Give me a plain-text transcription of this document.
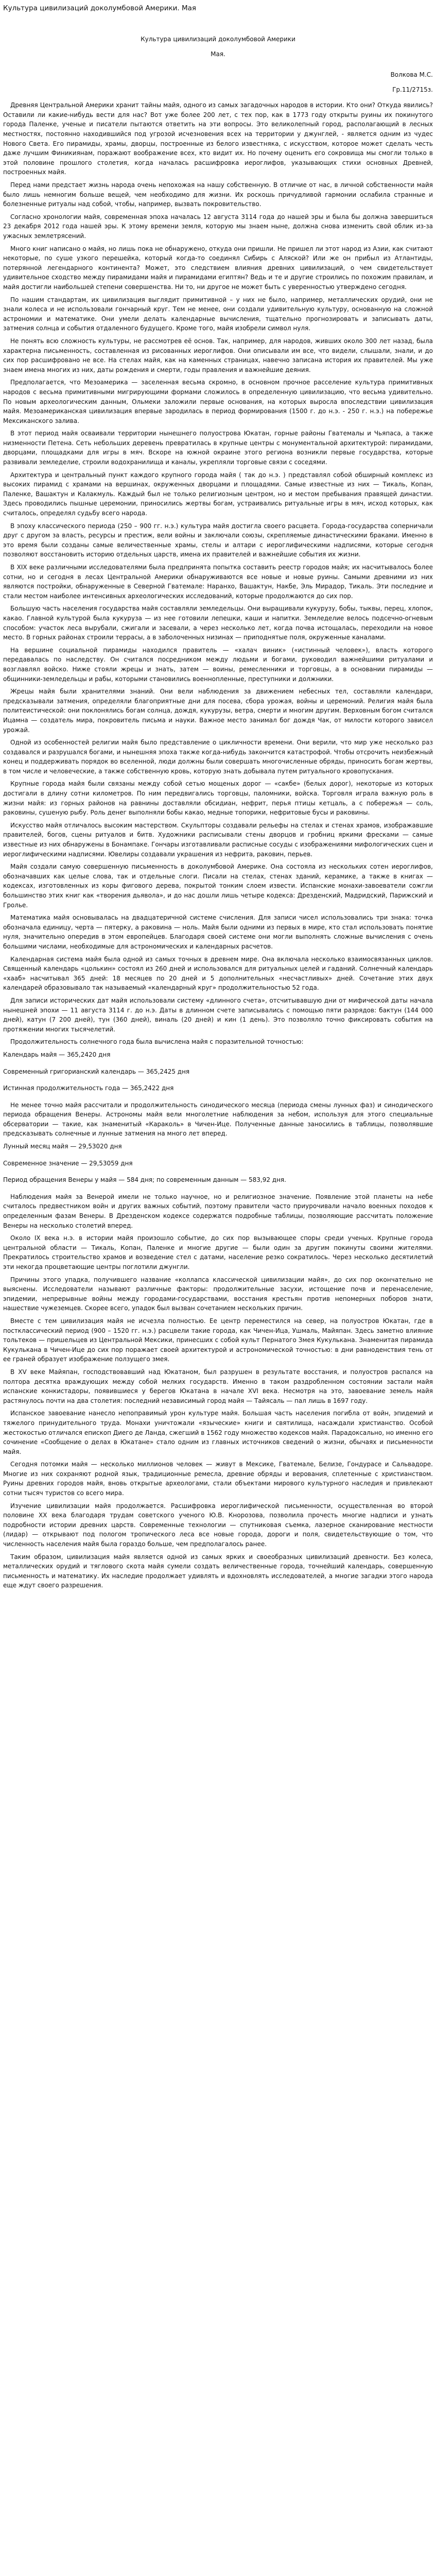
Культура цивилизаций доколумбовой Америки. Мая
Культура цивилизаций доколумбовой Америки
Мая.
Волкова М.С.
Гр.11/2715з.

Древняя Центральной Америки хранит тайны майя, одного из самых загадочных народов в истории. Кто они? Откуда явились? Оставили ли какие-нибудь вести для нас? Вот уже более 200 лет, с тех пор, как в 1773 году открыты руины их покинутого города Паленке, ученые и писатели пытаются ответить на эти вопросы. Это великолепный город, располагающий в лесных местностях, постоянно находившийся под угрозой исчезновения всех на территории у джунглей, - является одним из чудес Нового Света. Его пирамиды, храмы, дворцы, построенные из белого известняка, с искусством, которое может сделать честь даже лучшим Финикиянам, поражают воображение всех, кто видит их. Но почему оценить его сокровища мы смогли только в этой половине прошлого столетия, когда началась расшифровка иероглифов, указывающих стихи основных Древней, построенных майя.

Перед нами предстает жизнь народа очень непохожая на нашу собственную. В отличие от нас, в личной собственности майя было лишь немногим больше вещей, чем необходимо для жизни. Их роскошь причудливой гармонии ослабила странные и болезненные ритуалы над собой, чтобы, например, вызвать покровительство.

Согласно хронологии майя, современная эпоха началась 12 августа 3114 года до нашей эры и была бы должна завершиться 23 декабря 2012 года нашей эры. К этому времени земля, которую мы знаем ныне, должна снова изменить свой облик из-за ужасных землетрясений.

Много книг написано о майя, но лишь пока не обнаружено, откуда они пришли. Не пришел ли этот народ из Азии, как считают некоторые, по суше узкого перешейка, который когда-то соединял Сибирь с Аляской? Или же он прибыл из Атлантиды, потерянной легендарного континента? Может, это следствием влияния древних цивилизаций, о чем свидетельствует удивительное сходство между пирамидами майя и пирамидами египтян? Ведь и те и другие строились по похожим правилам, и майя достигли наибольшей степени совершенства. Ни то, ни другое не может быть с уверенностью утверждено сегодня.

По нашим стандартам, их цивилизация выглядит примитивной – у них не было, например, металлических орудий, они не знали колеса и не использовали гончарный круг. Тем не менее, они создали удивительную культуру, основанную на сложной астрономии и математике. Они умели делать календарные вычисления, тщательно прогнозировать и записывать даты, затмения солнца и события отдаленного будущего. Кроме того, майя изобрели символ нуля.

Не понять всю сложность культуры, не рассмотрев её основ. Так, например, для народов, живших около 300 лет назад, была характерна письменность, составленная из рисованных иероглифов. Они описывали им все, что видели, слышали, знали, и до сих пор расшифровано не все. На стелах майя, как на каменных страницах, навечно записана история их правителей. Мы уже знаем имена многих из них, даты рождения и смерти, годы правления и важнейшие деяния.

Предполагается, что Мезоамерика — заселенная весьма скромно, в основном прочное расселение культура примитивных народов с весьма примитивными мигрирующими формами сложилось в определенную цивилизацию, что весьма удивительно. По новым археологическим данным, Ольмеки заложили первые основания, на которых выросла впоследствии цивилизация майя. Мезоамериканская цивилизация впервые зародилась в период формирования (1500 г. до н.э. - 250 г. н.э.) на побережье Мексиканского залива.

В этот период майя осваивали территории нынешнего полуострова Юкатан, горные районы Гватемалы и Чьяпаса, а также низменности Петена. Сеть небольших деревень превратилась в крупные центры с монументальной архитектурой: пирамидами, дворцами, площадками для игры в мяч. Вскоре на южной окраине этого региона возникли первые государства, которые развивали земледелие, строили водохранилища и каналы, укрепляли торговые связи с соседями.

Архитектура и центральный пункт каждого крупного города майя ( так до н.э. ) представлял собой обширный комплекс из высоких пирамид с храмами на вершинах, окруженных дворцами и площадями. Самые известные из них — Тикаль, Копан, Паленке, Вашактун и Калакмуль. Каждый был не только религиозным центром, но и местом пребывания правящей династии. Здесь проводились пышные церемонии, приносились жертвы богам, устраивались ритуальные игры в мяч, исход которых, как считалось, определял судьбу всего народа.

В эпоху классического периода (250 – 900 гг. н.э.) культура майя достигла своего расцвета. Города-государства соперничали друг с другом за власть, ресурсы и престиж, вели войны и заключали союзы, скрепляемые династическими браками. Именно в это время были созданы самые величественные храмы, стелы и алтари с иероглифическими надписями, которые сегодня позволяют восстановить историю отдельных царств, имена их правителей и важнейшие события их жизни.

В XIX веке различными исследователями была предпринята попытка составить реестр городов майя; их насчитывалось более сотни, но и сегодня в лесах Центральной Америки обнаруживаются все новые и новые руины. Самыми древними из них являются постройки, обнаруженные в Северной Гватемале: Наранхо, Вашактун, Накбе, Эль Мирадор, Тикаль. Эти последние и стали местом наиболее интенсивных археологических исследований, которые продолжаются до сих пор.

Большую часть населения государства майя составляли земледельцы. Они выращивали кукурузу, бобы, тыквы, перец, хлопок, какао. Главной культурой была кукуруза — из нее готовили лепешки, каши и напитки. Земледелие велось подсечно-огневым способом: участок леса вырубали, сжигали и засевали, а через несколько лет, когда почва истощалась, переходили на новое место. В горных районах строили террасы, а в заболоченных низинах — приподнятые поля, окруженные каналами.

На вершине социальной пирамиды находился правитель — «халач виник» («истинный человек»), власть которого передавалась по наследству. Он считался посредником между людьми и богами, руководил важнейшими ритуалами и возглавлял войско. Ниже стояли жрецы и знать, затем — воины, ремесленники и торговцы, а в основании пирамиды — общинники-земледельцы и рабы, которыми становились военнопленные, преступники и должники.

Жрецы майя были хранителями знаний. Они вели наблюдения за движением небесных тел, составляли календари, предсказывали затмения, определяли благоприятные дни для посева, сбора урожая, войны и церемоний. Религия майя была политеистической: они поклонялись богам солнца, дождя, кукурузы, ветра, смерти и многим другим. Верховным богом считался Ицамна — создатель мира, покровитель письма и науки. Важное место занимал бог дождя Чак, от милости которого зависел урожай.

Одной из особенностей религии майя было представление о цикличности времени. Они верили, что мир уже несколько раз создавался и разрушался богами, и нынешняя эпоха также когда-нибудь закончится катастрофой. Чтобы отсрочить неизбежный конец и поддерживать порядок во вселенной, люди должны были совершать многочисленные обряды, приносить богам жертвы, в том числе и человеческие, а также собственную кровь, которую знать добывала путем ритуального кровопускания.

Крупные города майя были связаны между собой сетью мощеных дорог — «сакбе» (белых дорог), некоторые из которых достигали в длину сотни километров. По ним передвигались торговцы, паломники, войска. Торговля играла важную роль в жизни майя: из горных районов на равнины доставляли обсидиан, нефрит, перья птицы кетцаль, а с побережья — соль, раковины, сушеную рыбу. Роль денег выполняли бобы какао, медные топорики, нефритовые бусы и раковины.

Искусство майя отличалось высоким мастерством. Скульпторы создавали рельефы на стелах и стенах храмов, изображавшие правителей, богов, сцены ритуалов и битв. Художники расписывали стены дворцов и гробниц яркими фресками — самые известные из них обнаружены в Бонампаке. Гончары изготавливали расписные сосуды с изображениями мифологических сцен и иероглифическими надписями. Ювелиры создавали украшения из нефрита, раковин, перьев.

Майя создали самую совершенную письменность в доколумбовой Америке. Она состояла из нескольких сотен иероглифов, обозначавших как целые слова, так и отдельные слоги. Писали на стелах, стенах зданий, керамике, а также в книгах — кодексах, изготовленных из коры фигового дерева, покрытой тонким слоем извести. Испанские монахи-завоеватели сожгли большинство этих книг как «творения дьявола», и до нас дошли лишь четыре кодекса: Дрезденский, Мадридский, Парижский и Гролье.

Математика майя основывалась на двадцатеричной системе счисления. Для записи чисел использовались три знака: точка обозначала единицу, черта — пятерку, а раковина — ноль. Майя были одними из первых в мире, кто стал использовать понятие нуля, значительно опередив в этом европейцев. Благодаря своей системе они могли выполнять сложные вычисления с очень большими числами, необходимые для астрономических и календарных расчетов.

Календарная система майя была одной из самых точных в древнем мире. Она включала несколько взаимосвязанных циклов. Священный календарь «цолькин» состоял из 260 дней и использовался для ритуальных целей и гаданий. Солнечный календарь «хааб» насчитывал 365 дней: 18 месяцев по 20 дней и 5 дополнительных «несчастливых» дней. Сочетание этих двух календарей образовывало так называемый «календарный круг» продолжительностью 52 года.

Для записи исторических дат майя использовали систему «длинного счета», отсчитывавшую дни от мифической даты начала нынешней эпохи — 11 августа 3114 г. до н.э. Даты в длинном счете записывались с помощью пяти разрядов: бактун (144 000 дней), катун (7 200 дней), тун (360 дней), виналь (20 дней) и кин (1 день). Это позволяло точно фиксировать события на протяжении многих тысячелетий.

Продолжительность солнечного года была вычислена майя с поразительной точностью:

Календарь майя — 365,2420 дня

Современный григорианский календарь — 365,2425 дня

Истинная продолжительность года — 365,2422 дня

Не менее точно майя рассчитали и продолжительность синодического месяца (периода смены лунных фаз) и синодического периода обращения Венеры. Астрономы майя вели многолетние наблюдения за небом, используя для этого специальные обсерватории — такие, как знаменитый «Караколь» в Чичен-Ице. Полученные данные заносились в таблицы, позволявшие предсказывать солнечные и лунные затмения на много лет вперед.

Лунный месяц майя — 29,53020 дня

Современное значение — 29,53059 дня

Период обращения Венеры у майя — 584 дня; по современным данным — 583,92 дня.

Наблюдения майя за Венерой имели не только научное, но и религиозное значение. Появление этой планеты на небе считалось предвестником войн и других важных событий, поэтому правители часто приурочивали начало военных походов к определенным фазам Венеры. В Дрезденском кодексе содержатся подробные таблицы, позволяющие рассчитать положение Венеры на несколько столетий вперед.

Около IX века н.э. в истории майя произошло событие, до сих пор вызывающее споры среди ученых. Крупные города центральной области — Тикаль, Копан, Паленке и многие другие — были один за другим покинуты своими жителями. Прекратилось строительство храмов и возведение стел с датами, население резко сократилось. Через несколько десятилетий эти некогда процветающие центры поглотили джунгли.

Причины этого упадка, получившего название «коллапса классической цивилизации майя», до сих пор окончательно не выяснены. Исследователи называют различные факторы: продолжительные засухи, истощение почв и перенаселение, эпидемии, непрерывные войны между городами-государствами, восстания крестьян против непомерных поборов знати, нашествие чужеземцев. Скорее всего, упадок был вызван сочетанием нескольких причин.

Вместе с тем цивилизация майя не исчезла полностью. Ее центр переместился на север, на полуостров Юкатан, где в постклассический период (900 – 1520 гг. н.э.) расцвели такие города, как Чичен-Ица, Ушмаль, Майяпан. Здесь заметно влияние тольтеков — пришельцев из Центральной Мексики, принесших с собой культ Пернатого Змея Кукулькана. Знаменитая пирамида Кукулькана в Чичен-Ице до сих пор поражает своей архитектурой и астрономической точностью: в дни равноденствия тень от ее граней образует изображение ползущего змея.

В XV веке Майяпан, господствовавший над Юкатаном, был разрушен в результате восстания, и полуостров распался на полтора десятка враждующих между собой мелких государств. Именно в таком раздробленном состоянии застали майя испанские конкистадоры, появившиеся у берегов Юкатана в начале XVI века. Несмотря на это, завоевание земель майя растянулось почти на два столетия: последний независимый город майя — Тайясаль — пал лишь в 1697 году.

Испанское завоевание нанесло непоправимый урон культуре майя. Большая часть населения погибла от войн, эпидемий и тяжелого принудительного труда. Монахи уничтожали «языческие» книги и святилища, насаждали христианство. Особой жестокостью отличался епископ Диего де Ланда, сжегший в 1562 году множество кодексов майя. Парадоксально, но именно его сочинение «Сообщение о делах в Юкатане» стало одним из главных источников сведений о жизни, обычаях и письменности майя.

Сегодня потомки майя — несколько миллионов человек — живут в Мексике, Гватемале, Белизе, Гондурасе и Сальвадоре. Многие из них сохраняют родной язык, традиционные ремесла, древние обряды и верования, сплетенные с христианством. Руины древних городов майя, вновь открытые археологами, стали объектами мирового культурного наследия и привлекают сотни тысяч туристов со всего мира.

Изучение цивилизации майя продолжается. Расшифровка иероглифической письменности, осуществленная во второй половине XX века благодаря трудам советского ученого Ю.В. Кнорозова, позволила прочесть многие надписи и узнать подробности истории древних царств. Современные технологии — спутниковая съемка, лазерное сканирование местности (лидар) — открывают под пологом тропического леса все новые города, дороги и поля, свидетельствующие о том, что численность населения майя была гораздо больше, чем предполагалось ранее.

Таким образом, цивилизация майя является одной из самых ярких и своеобразных цивилизаций древности. Без колеса, металлических орудий и тяглового скота майя сумели создать величественные города, точнейший календарь, совершенную письменность и математику. Их наследие продолжает удивлять и вдохновлять исследователей, а многие загадки этого народа еще ждут своего разрешения.
